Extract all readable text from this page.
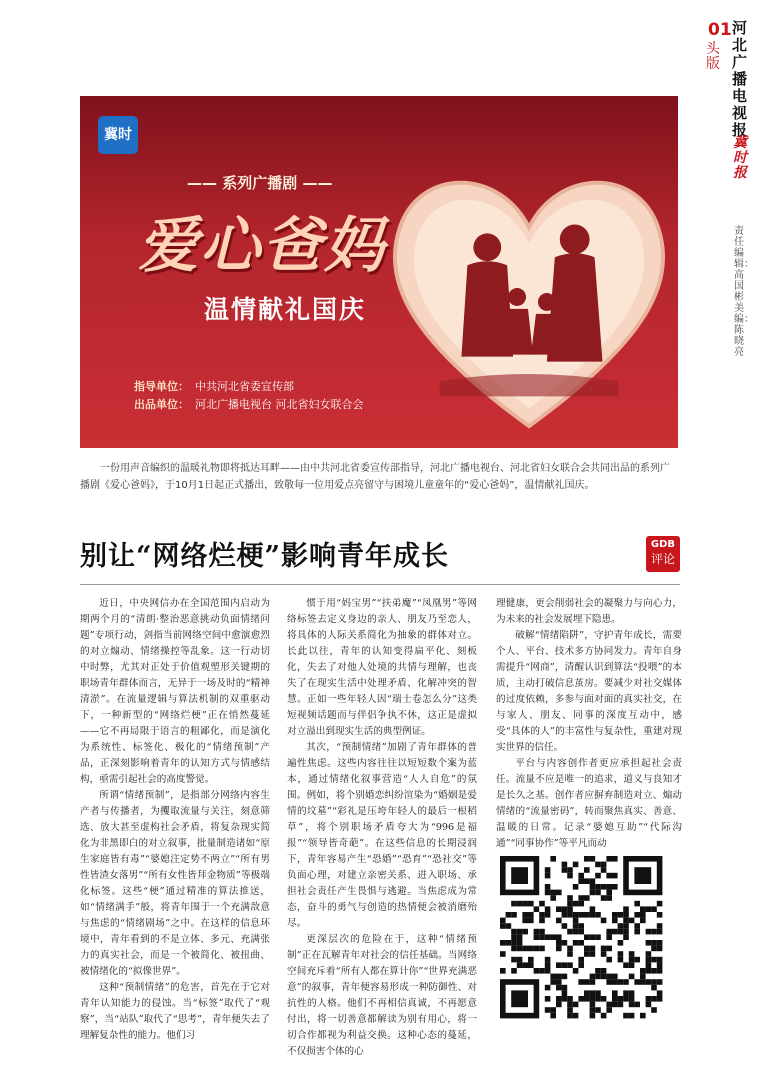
01
头版
河北广播电视报
冀时报
责任编辑：高国彬 美编：陈晓亮
冀时
—— 系列广播剧 ——
爱心爸妈
温情献礼国庆
指导单位： 中共河北省委宣传部
出品单位： 河北广播电视台 河北省妇女联合会
一份用声音编织的温暖礼物即将抵达耳畔——由中共河北省委宣传部指导，河北广播电视台、河北省妇女联合会共同出品的系列广播剧《爱心爸妈》，于10月1日起正式播出，致敬每一位用爱点亮留守与困境儿童童年的“爱心爸妈”，温情献礼国庆。
别让“网络烂梗”影响青年成长	GDB
评论

近日，中央网信办在全国范围内启动为期两个月的“清朗·整治恶意挑动负面情绪问题”专项行动，剑指当前网络空间中愈演愈烈的对立煽动、情绪操控等乱象。这一行动切中时弊，尤其对正处于价值观塑形关键期的职场青年群体而言，无异于一场及时的“精神清淤”。在流量逻辑与算法机制的双重驱动下，一种新型的“网络烂梗”正在悄然蔓延——它不再局限于语言的粗鄙化，而是演化为系统性、标签化、极化的“情绪预制”产品，正深刻影响着青年的认知方式与情感结构，亟需引起社会的高度警觉。

所谓“情绪预制”，是指部分网络内容生产者与传播者，为攫取流量与关注，刻意筛选、放大甚至虚构社会矛盾，将复杂现实简化为非黑即白的对立叙事，批量制造诸如“原生家庭皆有毒”“婆媳注定势不两立”“所有男性皆渣女落男”“所有女性皆拜金物质”等极端化标签。这些“梗”通过精准的算法推送，如“情绪满手”般，将青年围于一个充满敌意与焦虑的“情绪剧场”之中。在这样的信息环境中，青年看到的不是立体、多元、充满张力的真实社会，而是一个被简化、被扭曲、被情绪化的“拟像世界”。

这种“预制情绪”的危害，首先在于它对青年认知能力的侵蚀。当“标签”取代了“观察”，当“站队”取代了“思考”，青年便失去了理解复杂性的能力。他们习

惯于用“妈宝男”“扶弟魔”“凤凰男”等网络标签去定义身边的亲人、朋友乃至恋人，将具体的人际关系简化为抽象的群体对立。长此以往，青年的认知变得扁平化、刻板化，失去了对他人处境的共情与理解，也丧失了在现实生活中处理矛盾、化解冲突的智慧。正如一些年轻人因“瑞士卷怎么分”这类短视频话题而与伴侣争执不休，这正是虚拟对立溢出到现实生活的典型例证。

其次，“预制情绪”加剧了青年群体的普遍性焦虑。这些内容往往以短短数个案为蓝本，通过情绪化叙事营造“人人自危”的氛围。例如，将个别婚恋纠纷渲染为“婚姻是爱情的坟墓”“彩礼是压垮年轻人的最后一根稻草”，将个别职场矛盾夸大为“996是福报”“领导皆奇葩”。在这些信息的长期浸润下，青年容易产生“恐婚”“恐育”“恐社交”等负面心理，对建立亲密关系、进入职场、承担社会责任产生畏惧与逃避。当焦虑成为常态，奋斗的勇气与创造的热情便会被消磨殆尽。

更深层次的危险在于，这种“情绪预制”正在瓦解青年对社会的信任基础。当网络空间充斥着“所有人都在算计你”“世界充满恶意”的叙事，青年便容易形成一种防御性、对抗性的人格。他们不再相信真诚，不再愿意付出，将一切善意都解读为别有用心，将一切合作都视为利益交换。这种心态的蔓延，不仅损害个体的心

理健康，更会削弱社会的凝聚力与向心力，为未来的社会发展埋下隐患。

破解“情绪陷阱”，守护青年成长，需要个人、平台、技术多方协同发力。青年自身需提升“网商”，清醒认识到算法“投喂”的本质，主动打破信息茧房。要减少对社交媒体的过度依赖，多参与面对面的真实社交，在与家人、朋友、同事的深度互动中，感受“具体的人”的丰富性与复杂性，重建对现实世界的信任。

平台与内容创作者更应承担起社会责任。流量不应是唯一的追求，道义与良知才是长久之基。创作者应摒弃制造对立、煽动情绪的“流量密码”，转而聚焦真实、善意、温暖的日常。记录“婆媳互助”“代际沟通”“同事协作”等平凡而动
